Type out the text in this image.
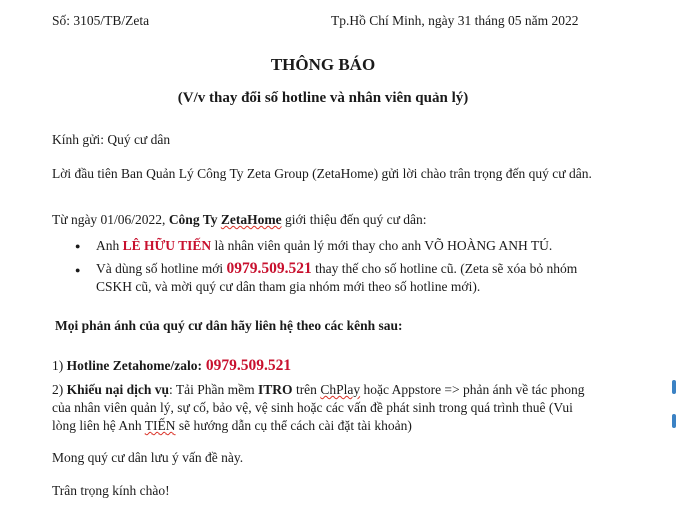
Số: 3105/TB/Zeta	Tp.Hồ Chí Minh, ngày 31 tháng 05 năm 2022
THÔNG BÁO
(V/v thay đổi số hotline và nhân viên quản lý)
Kính gửi: Quý cư dân
Lời đầu tiên Ban Quản Lý Công Ty Zeta Group (ZetaHome) gửi lời chào trân trọng đến quý cư dân.
Từ ngày 01/06/2022, Công Ty ZetaHome giới thiệu đến quý cư dân:
● Anh LÊ HỮU TIẾN là nhân viên quản lý mới thay cho anh VÕ HOÀNG ANH TÚ.
● Và dùng số hotline mới 0979.509.521 thay thế cho số hotline cũ. (Zeta sẽ xóa bỏ nhóm CSKH cũ, và mời quý cư dân tham gia nhóm mới theo số hotline mới).
Mọi phản ánh của quý cư dân hãy liên hệ theo các kênh sau:
1) Hotline Zetahome/zalo: 0979.509.521
2) Khiếu nại dịch vụ: Tải Phần mềm ITRO trên ChPlay hoặc Appstore => phản ánh về tác phong của nhân viên quản lý, sự cố, bảo vệ, vệ sinh hoặc các vấn đề phát sinh trong quá trình thuê (Vui lòng liên hệ Anh TIẾN sẽ hướng dẫn cụ thể cách cài đặt tài khoản)
Mong quý cư dân lưu ý vấn đề này.
Trân trọng kính chào!
